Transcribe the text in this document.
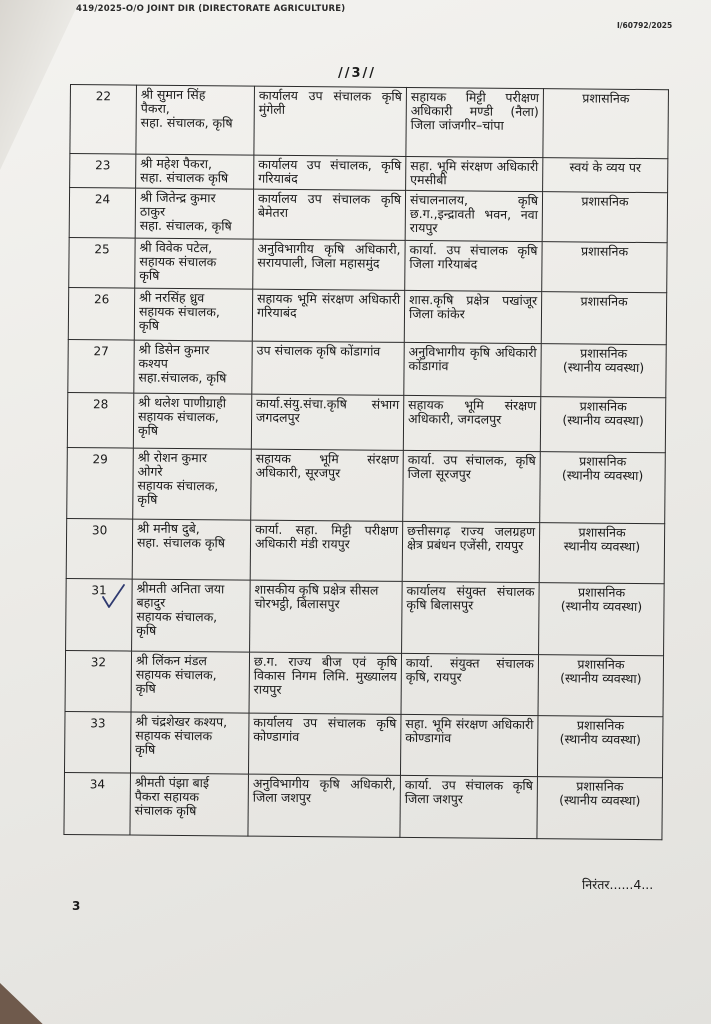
419/2025-O/O JOINT DIR (DIRECTORATE AGRICULTURE)
I/60792/2025
//3//
22	श्री सुमान सिंह
पैकरा,
सहा. संचालक, कृषि	कार्यालय उप संचालक कृषि मुंगेली	सहायक मिट्टी परीक्षण अधिकारी मण्डी (नैला) जिला जांजगीर–चांपा	प्रशासनिक

23	श्री महेश पैकरा,
सहा. संचालक कृषि	कार्यालय उप संचालक, कृषि गरियाबंद	सहा. भूमि संरक्षण अधिकारी एमसीबी	स्वयं के व्यय पर

24	श्री जितेन्द्र कुमार
ठाकुर
सहा. संचालक, कृषि	कार्यालय उप संचालक कृषि बेमेतरा	संचालनालय, कृषि छ.ग.,इन्द्रावती भवन, नवा रायपुर	प्रशासनिक

25	श्री विवेक पटेल,
सहायक संचालक
कृषि	अनुविभागीय कृषि अधिकारी, सरायपाली, जिला महासमुंद	कार्या. उप संचालक कृषि जिला गरियाबंद	प्रशासनिक

26	श्री नरसिंह ध्रुव
सहायक संचालक,
कृषि	सहायक भूमि संरक्षण अधिकारी गरियाबंद	शास.कृषि प्रक्षेत्र पखांजूर जिला कांकेर	प्रशासनिक

27	श्री डिसेन कुमार
कश्यप
सहा.संचालक, कृषि	उप संचालक कृषि कोंडागांव	अनुविभागीय कृषि अधिकारी कोंडागांव	प्रशासनिक
(स्थानीय व्यवस्था)

28	श्री थलेश पाणीग्राही
सहायक संचालक,
कृषि	कार्या.संयु.संचा.कृषि संभाग जगदलपुर	सहायक भूमि संरक्षण अधिकारी, जगदलपुर	प्रशासनिक
(स्थानीय व्यवस्था)

29	श्री रोशन कुमार
ओगरे
सहायक संचालक,
कृषि	सहायक भूमि संरक्षण अधिकारी, सूरजपुर	कार्या. उप संचालक, कृषि जिला सूरजपुर	प्रशासनिक
(स्थानीय व्यवस्था)

30	श्री मनीष दुबे,
सहा. संचालक कृषि	कार्या. सहा. मिट्टी परीक्षण अधिकारी मंडी रायपुर	छत्तीसगढ़ राज्य जलग्रहण क्षेत्र प्रबंधन एजेंसी, रायपुर	प्रशासनिक
स्थानीय व्यवस्था)

31	श्रीमती अनिता जया
बहादुर
सहायक संचालक,
कृषि	शासकीय कृषि प्रक्षेत्र सीसल
चोरभट्ठी, बिलासपुर	कार्यालय संयुक्त संचालक कृषि बिलासपुर	प्रशासनिक
(स्थानीय व्यवस्था)

32	श्री लिंकन मंडल
सहायक संचालक,
कृषि	छ.ग. राज्य बीज एवं कृषि विकास निगम लिमि. मुख्यालय रायपुर	कार्या. संयुक्त संचालक कृषि, रायपुर	प्रशासनिक
(स्थानीय व्यवस्था)

33	श्री चंद्रशेखर कश्यप,
सहायक संचालक
कृषि	कार्यालय उप संचालक कृषि कोण्डागांव	सहा. भूमि संरक्षण अधिकारी कोण्डागांव	प्रशासनिक
(स्थानीय व्यवस्था)

34	श्रीमती पंझा बाई
पैकरा सहायक
संचालक कृषि	अनुविभागीय कृषि अधिकारी, जिला जशपुर	कार्या. उप संचालक कृषि जिला जशपुर	प्रशासनिक
(स्थानीय व्यवस्था)
निरंतर......4...
3
